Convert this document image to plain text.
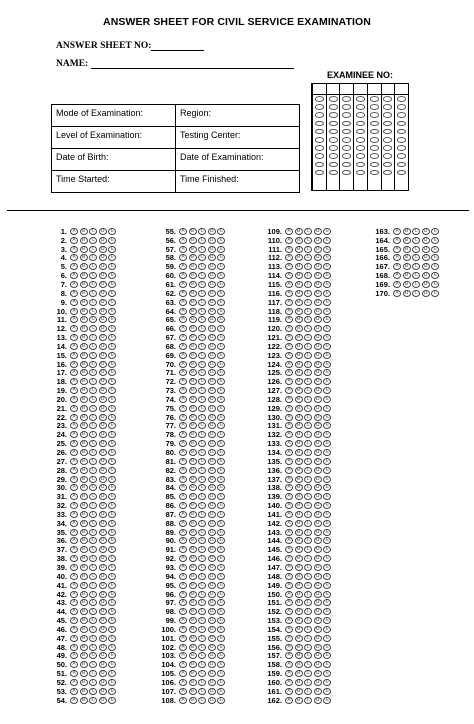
ANSWER SHEET FOR CIVIL SERVICE EXAMINATION
ANSWER SHEET NO:
NAME:
EXAMINEE NO:
Mode of Examination:	Region:
Level of Examination:	Testing Center:
Date of Birth:	Date of Examination:
Time Started:	Time Finished:
1.	A	B	C	D	E
2.	A	B	C	D	E
3.	A	B	C	D	E
4.	A	B	C	D	E
5.	A	B	C	D	E
6.	A	B	C	D	E
7.	A	B	C	D	E
8.	A	B	C	D	E
9.	A	B	C	D	E
10.	A	B	C	D	E
11.	A	B	C	D	E
12.	A	B	C	D	E
13.	A	B	C	D	E
14.	A	B	C	D	E
15.	A	B	C	D	E
16.	A	B	C	D	E
17.	A	B	C	D	E
18.	A	B	C	D	E
19.	A	B	C	D	E
20.	A	B	C	D	E
21.	A	B	C	D	E
22.	A	B	C	D	E
23.	A	B	C	D	E
24.	A	B	C	D	E
25.	A	B	C	D	E
26.	A	B	C	D	E
27.	A	B	C	D	E
28.	A	B	C	D	E
29.	A	B	C	D	E
30.	A	B	C	D	E
31.	A	B	C	D	E
32.	A	B	C	D	E
33.	A	B	C	D	E
34.	A	B	C	D	E
35.	A	B	C	D	E
36.	A	B	C	D	E
37.	A	B	C	D	E
38.	A	B	C	D	E
39.	A	B	C	D	E
40.	A	B	C	D	E
41.	A	B	C	D	E
42.	A	B	C	D	E
43.	A	B	C	D	E
44.	A	B	C	D	E
45.	A	B	C	D	E
46.	A	B	C	D	E
47.	A	B	C	D	E
48.	A	B	C	D	E
49.	A	B	C	D	E
50.	A	B	C	D	E
51.	A	B	C	D	E
52.	A	B	C	D	E
53.	A	B	C	D	E
54.	A	B	C	D	E
55.	A	B	C	D	E
56.	A	B	C	D	E
57.	A	B	C	D	E
58.	A	B	C	D	E
59.	A	B	C	D	E
60.	A	B	C	D	E
61.	A	B	C	D	E
62.	A	B	C	D	E
63.	A	B	C	D	E
64.	A	B	C	D	E
65.	A	B	C	D	E
66.	A	B	C	D	E
67.	A	B	C	D	E
68.	A	B	C	D	E
69.	A	B	C	D	E
70.	A	B	C	D	E
71.	A	B	C	D	E
72.	A	B	C	D	E
73.	A	B	C	D	E
74.	A	B	C	D	E
75.	A	B	C	D	E
76.	A	B	C	D	E
77.	A	B	C	D	E
78.	A	B	C	D	E
79.	A	B	C	D	E
80.	A	B	C	D	E
81.	A	B	C	D	E
82.	A	B	C	D	E
83.	A	B	C	D	E
84.	A	B	C	D	E
85.	A	B	C	D	E
86.	A	B	C	D	E
87.	A	B	C	D	E
88.	A	B	C	D	E
89.	A	B	C	D	E
90.	A	B	C	D	E
91.	A	B	C	D	E
92.	A	B	C	D	E
93.	A	B	C	D	E
94.	A	B	C	D	E
95.	A	B	C	D	E
96.	A	B	C	D	E
97.	A	B	C	D	E
98.	A	B	C	D	E
99.	A	B	C	D	E
100.	A	B	C	D	E
101.	A	B	C	D	E
102.	A	B	C	D	E
103.	A	B	C	D	E
104.	A	B	C	D	E
105.	A	B	C	D	E
106.	A	B	C	D	E
107.	A	B	C	D	E
108.	A	B	C	D	E
109.	A	B	C	D	E
110.	A	B	C	D	E
111.	A	B	C	D	E
112.	A	B	C	D	E
113.	A	B	C	D	E
114.	A	B	C	D	E
115.	A	B	C	D	E
116.	A	B	C	D	E
117.	A	B	C	D	E
118.	A	B	C	D	E
119.	A	B	C	D	E
120.	A	B	C	D	E
121.	A	B	C	D	E
122.	A	B	C	D	E
123.	A	B	C	D	E
124.	A	B	C	D	E
125.	A	B	C	D	E
126.	A	B	C	D	E
127.	A	B	C	D	E
128.	A	B	C	D	E
129.	A	B	C	D	E
130.	A	B	C	D	E
131.	A	B	C	D	E
132.	A	B	C	D	E
133.	A	B	C	D	E
134.	A	B	C	D	E
135.	A	B	C	D	E
136.	A	B	C	D	E
137.	A	B	C	D	E
138.	A	B	C	D	E
139.	A	B	C	D	E
140.	A	B	C	D	E
141.	A	B	C	D	E
142.	A	B	C	D	E
143.	A	B	C	D	E
144.	A	B	C	D	E
145.	A	B	C	D	E
146.	A	B	C	D	E
147.	A	B	C	D	E
148.	A	B	C	D	E
149.	A	B	C	D	E
150.	A	B	C	D	E
151.	A	B	C	D	E
152.	A	B	C	D	E
153.	A	B	C	D	E
154.	A	B	C	D	E
155.	A	B	C	D	E
156.	A	B	C	D	E
157.	A	B	C	D	E
158.	A	B	C	D	E
159.	A	B	C	D	E
160.	A	B	C	D	E
161.	A	B	C	D	E
162.	A	B	C	D	E
163.	A	B	C	D	E
164.	A	B	C	D	E
165.	A	B	C	D	E
166.	A	B	C	D	E
167.	A	B	C	D	E
168.	A	B	C	D	E
169.	A	B	C	D	E
170.	A	B	C	D	E
